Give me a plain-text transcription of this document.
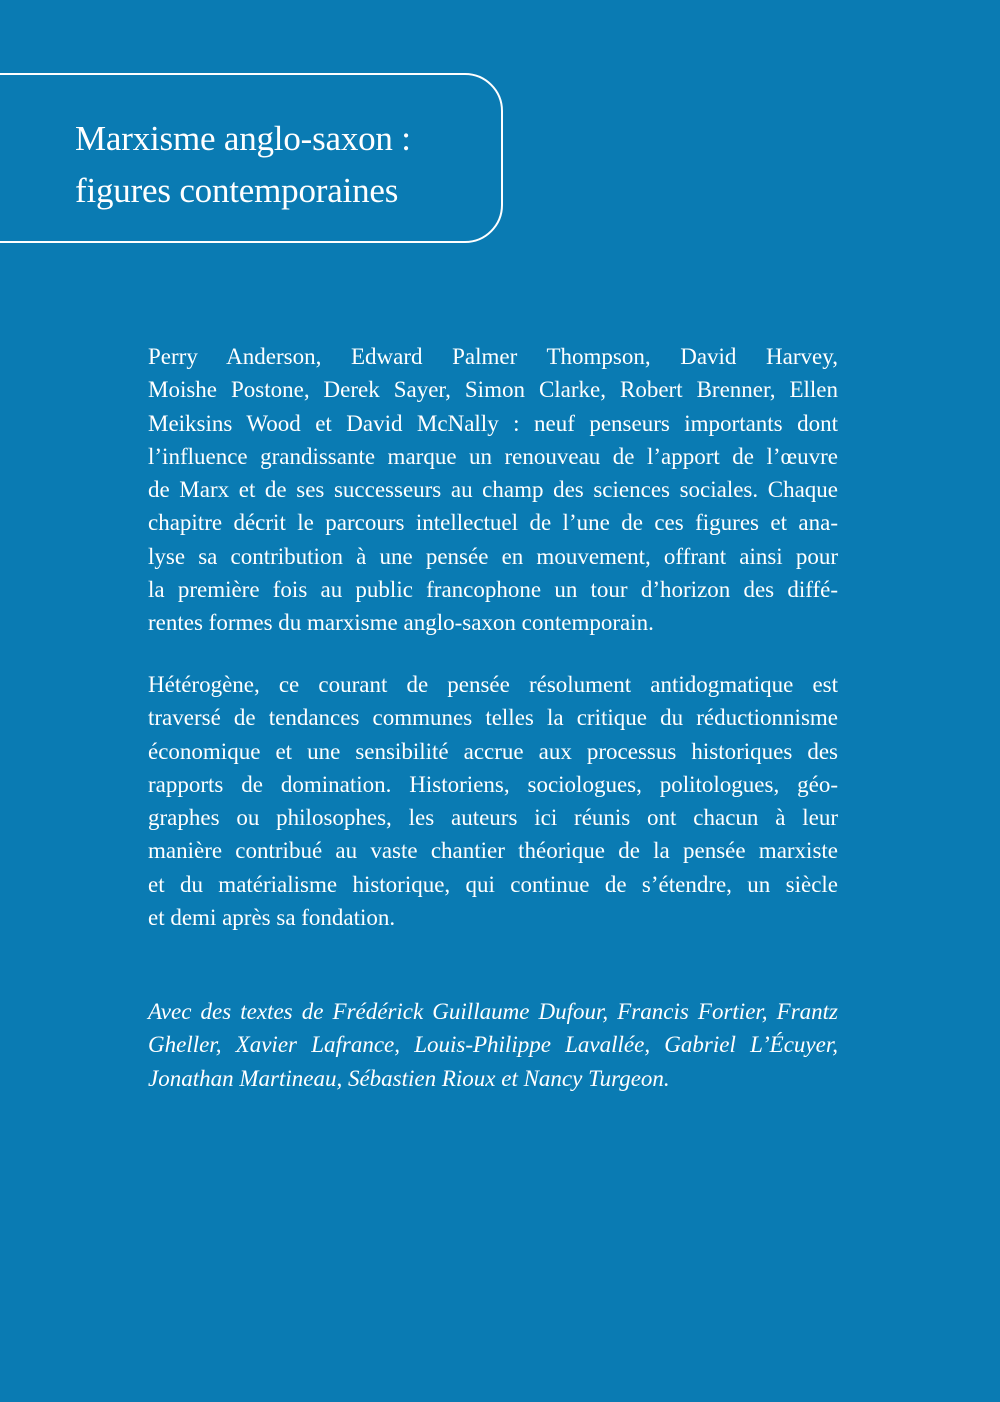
Marxisme anglo-saxon :
figures contemporaines
Perry Anderson, Edward Palmer Thompson, David Harvey,
Moishe Postone, Derek Sayer, Simon Clarke, Robert Brenner, Ellen
Meiksins Wood et David McNally : neuf penseurs importants dont
l’influence grandissante marque un renouveau de l’apport de l’œuvre
de Marx et de ses successeurs au champ des sciences sociales. Chaque
chapitre décrit le parcours intellectuel de l’une de ces figures et ana-
lyse sa contribution à une pensée en mouvement, offrant ainsi pour
la première fois au public francophone un tour d’horizon des diffé-
rentes formes du marxisme anglo-saxon contemporain.
Hétérogène, ce courant de pensée résolument antidogmatique est
traversé de tendances communes telles la critique du réductionnisme
économique et une sensibilité accrue aux processus historiques des
rapports de domination. Historiens, sociologues, politologues, géo-
graphes ou philosophes, les auteurs ici réunis ont chacun à leur
manière contribué au vaste chantier théorique de la pensée marxiste
et du matérialisme historique, qui continue de s’étendre, un siècle
et demi après sa fondation.
Avec des textes de Frédérick Guillaume Dufour, Francis Fortier, Frantz
Gheller, Xavier Lafrance, Louis-Philippe Lavallée, Gabriel L’Écuyer,
Jonathan Martineau, Sébastien Rioux et Nancy Turgeon.
